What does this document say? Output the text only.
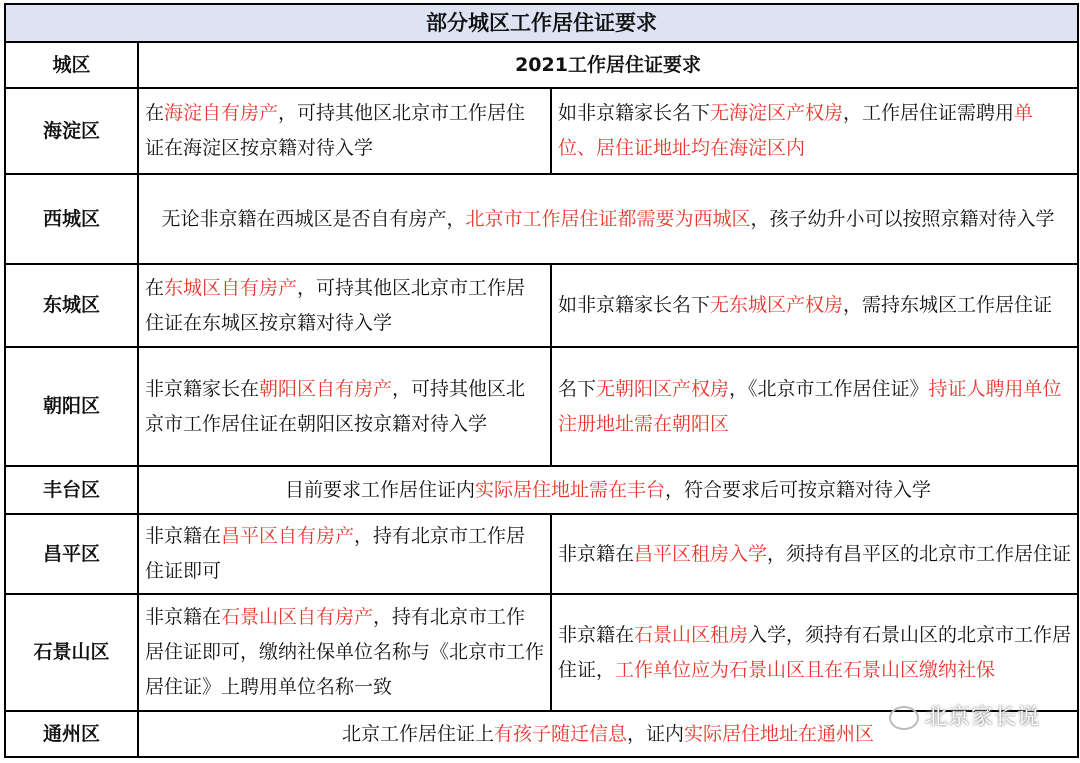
部分城区工作居住证要求		
城区	2021工作居住证要求	
海淀区	在海淀自有房产，可持其他区北京市工作居住证在海淀区按京籍对待入学	如非京籍家长名下无海淀区产权房，工作居住证需聘用单位、居住证地址均在海淀区内
西城区	无论非京籍在西城区是否自有房产，北京市工作居住证都需要为西城区，孩子幼升小可以按照京籍对待入学	
东城区	在东城区自有房产，可持其他区北京市工作居住证在东城区按京籍对待入学	如非京籍家长名下无东城区产权房，需持东城区工作居住证
朝阳区	非京籍家长在朝阳区自有房产，可持其他区北京市工作居住证在朝阳区按京籍对待入学	名下无朝阳区产权房，《北京市工作居住证》持证人聘用单位注册地址需在朝阳区
丰台区	目前要求工作居住证内实际居住地址需在丰台，符合要求后可按京籍对待入学	
昌平区	非京籍在昌平区自有房产，持有北京市工作居住证即可	非京籍在昌平区租房入学，须持有昌平区的北京市工作居住证
石景山区	非京籍在石景山区自有房产，持有北京市工作居住证即可，缴纳社保单位名称与《北京市工作居住证》上聘用单位名称一致	非京籍在石景山区租房入学，须持有石景山区的北京市工作居住证，工作单位应为石景山区且在石景山区缴纳社保
通州区	北京工作居住证上有孩子随迁信息，证内实际居住地址在通州区	
北京家长说
